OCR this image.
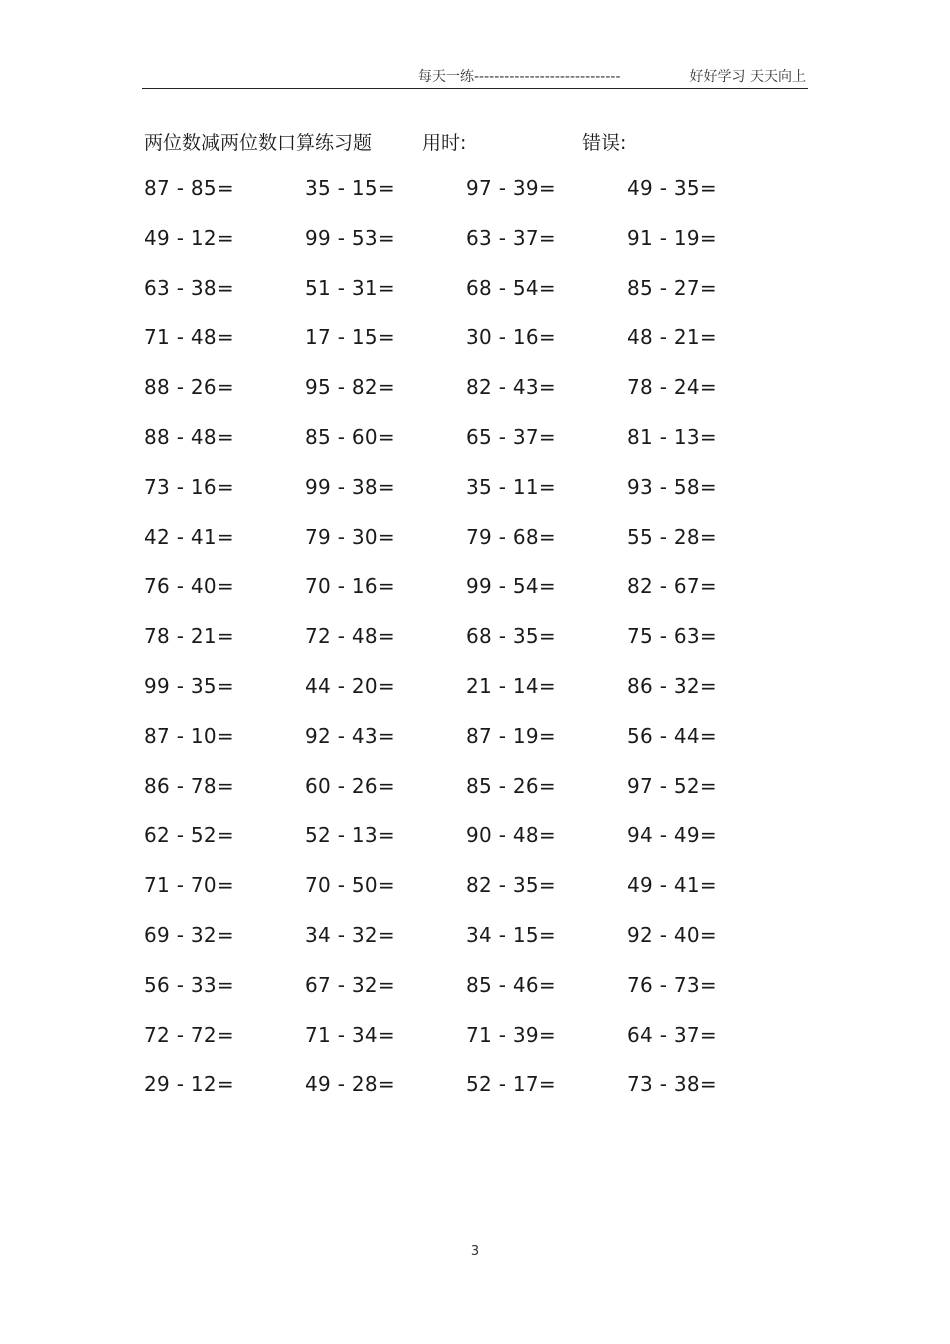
每天一练-----------------------------	好好学习 天天向上
两位数减两位数口算练习题	用时:	错误:
87 - 85=	35 - 15=	97 - 39=	49 - 35=
49 - 12=	99 - 53=	63 - 37=	91 - 19=
63 - 38=	51 - 31=	68 - 54=	85 - 27=
71 - 48=	17 - 15=	30 - 16=	48 - 21=
88 - 26=	95 - 82=	82 - 43=	78 - 24=
88 - 48=	85 - 60=	65 - 37=	81 - 13=
73 - 16=	99 - 38=	35 - 11=	93 - 58=
42 - 41=	79 - 30=	79 - 68=	55 - 28=
76 - 40=	70 - 16=	99 - 54=	82 - 67=
78 - 21=	72 - 48=	68 - 35=	75 - 63=
99 - 35=	44 - 20=	21 - 14=	86 - 32=
87 - 10=	92 - 43=	87 - 19=	56 - 44=
86 - 78=	60 - 26=	85 - 26=	97 - 52=
62 - 52=	52 - 13=	90 - 48=	94 - 49=
71 - 70=	70 - 50=	82 - 35=	49 - 41=
69 - 32=	34 - 32=	34 - 15=	92 - 40=
56 - 33=	67 - 32=	85 - 46=	76 - 73=
72 - 72=	71 - 34=	71 - 39=	64 - 37=
29 - 12=	49 - 28=	52 - 17=	73 - 38=
3
